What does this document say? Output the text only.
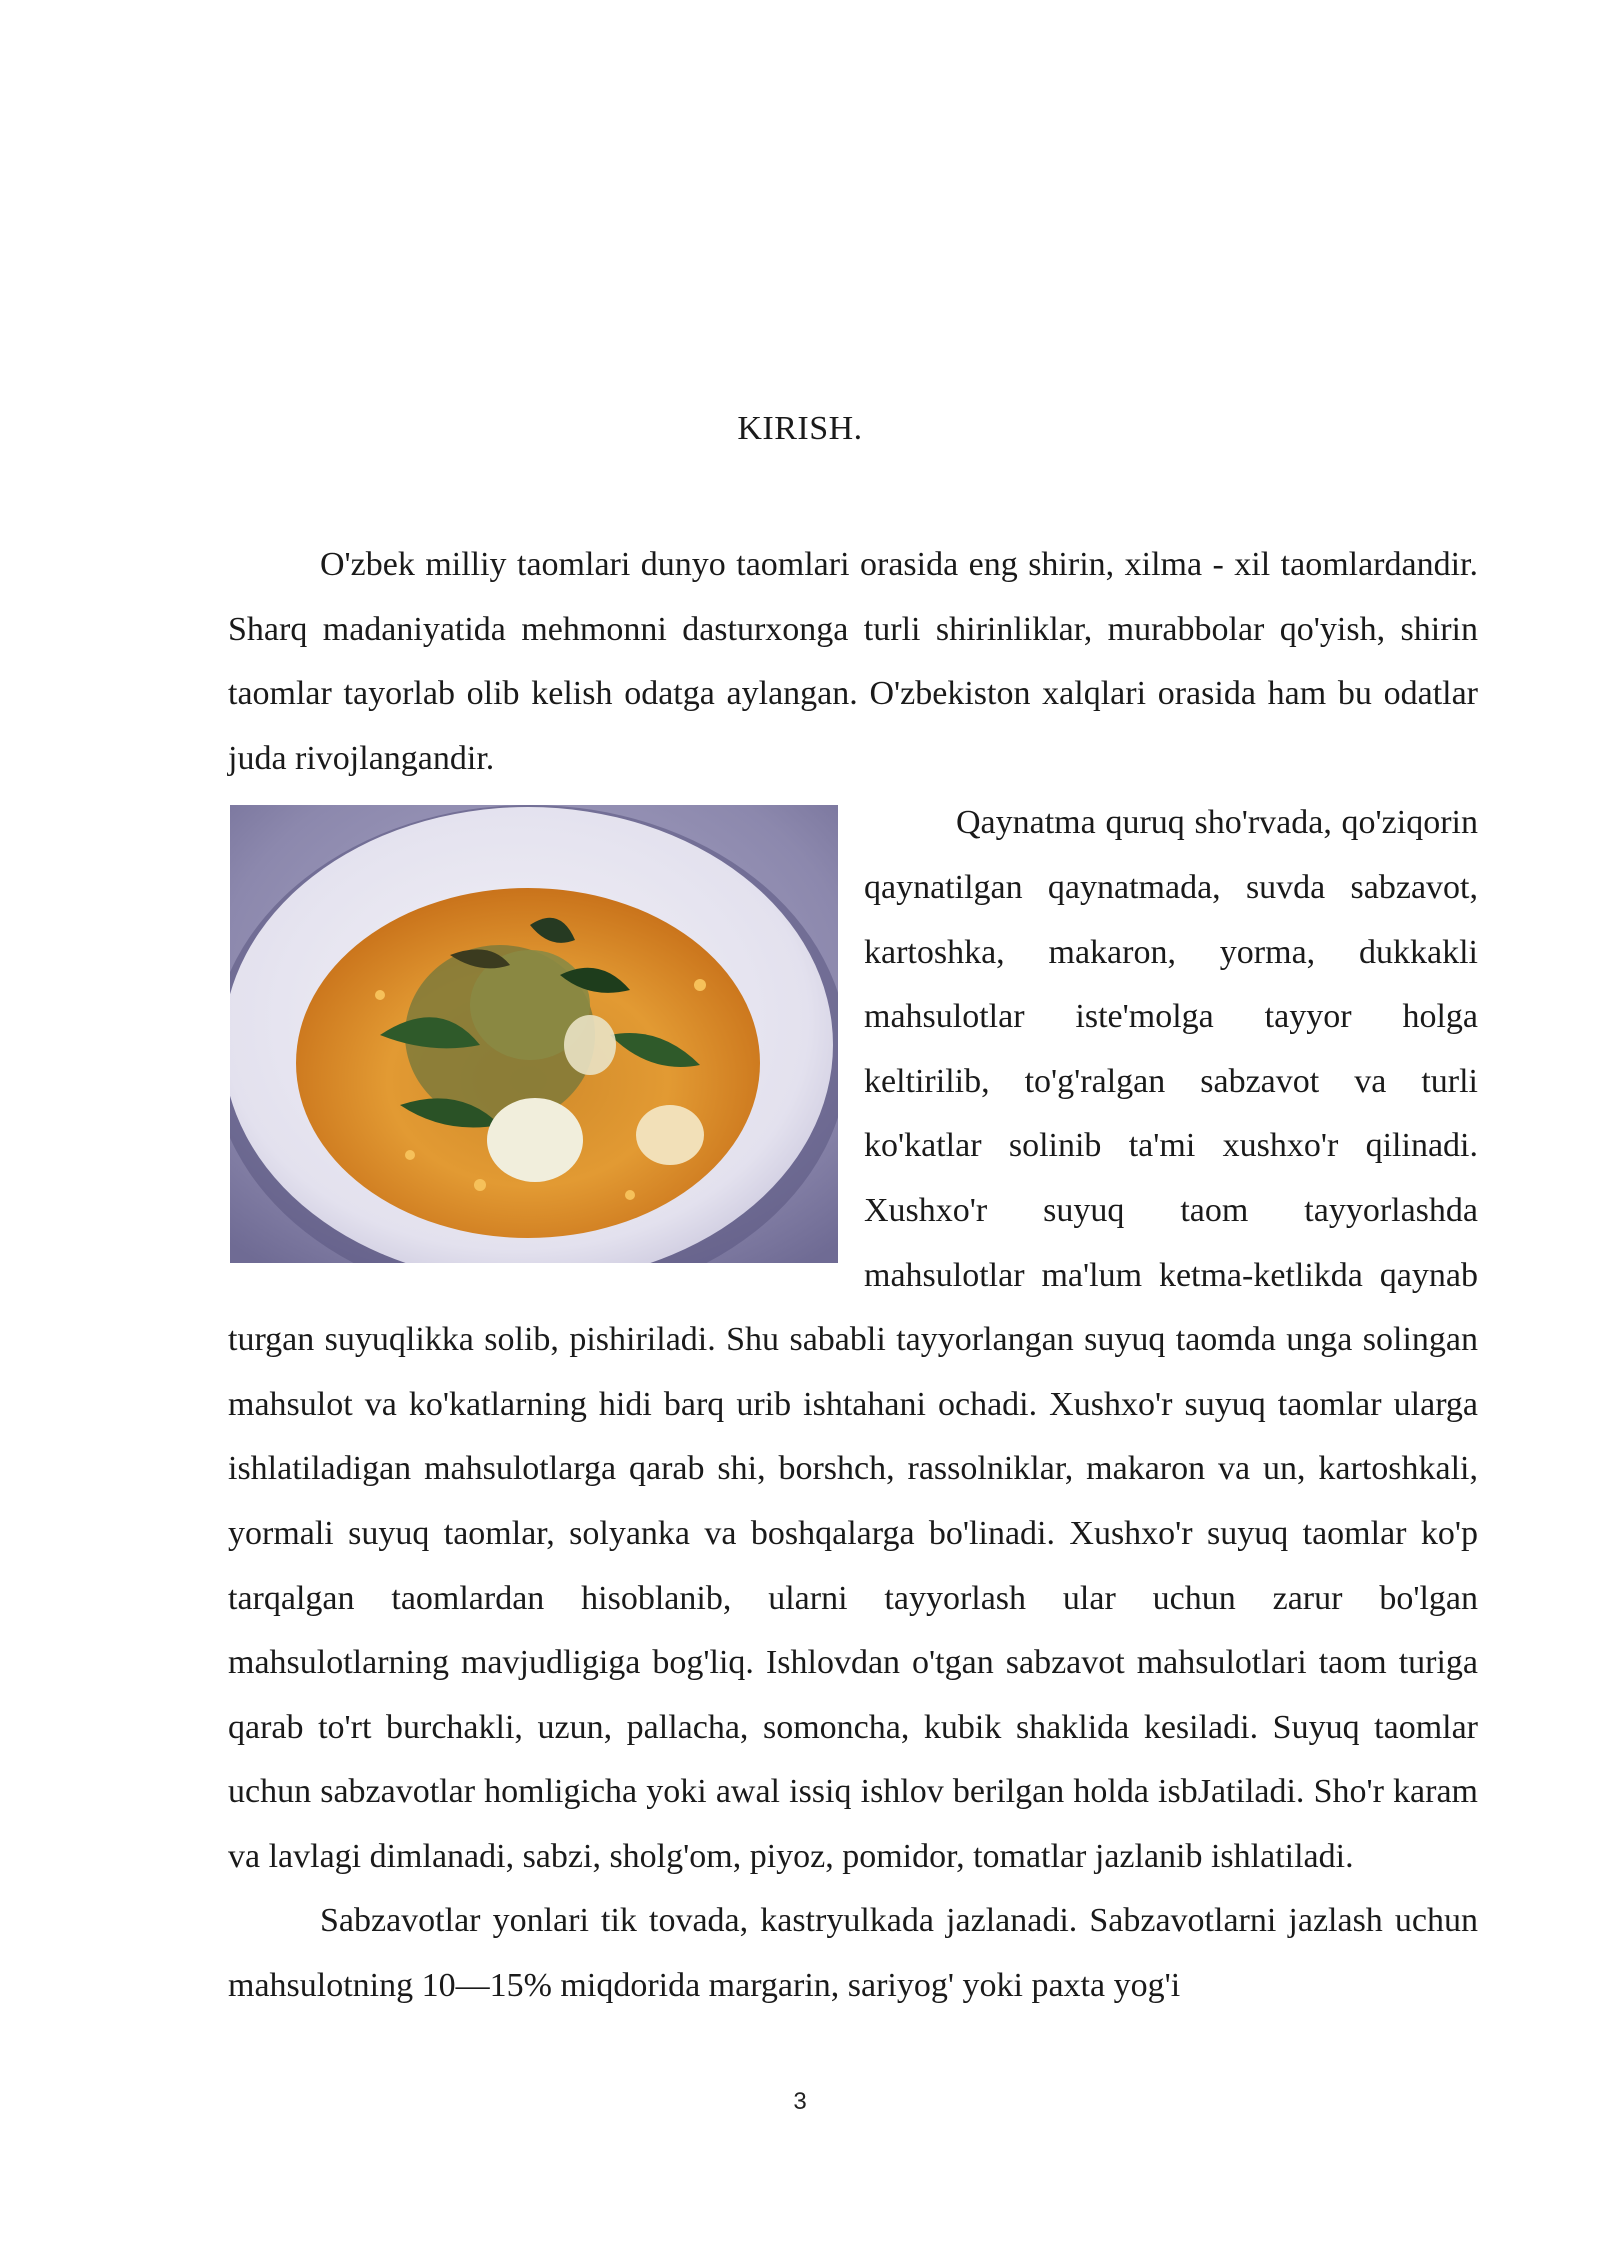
KIRISH.

O'zbek milliy taomlari dunyo taomlari orasida eng shirin, xilma - xil taomlardandir. Sharq madaniyatida mehmonni dasturxonga turli shirinliklar, murabbolar qo'yish, shirin taomlar tayorlab olib kelish odatga aylangan. O'zbekiston xalqlari orasida ham bu odatlar juda rivojlangandir.

Qaynatma quruq sho'rvada, qo'ziqorin qaynatilgan qaynatmada, suvda sabzavot, kartoshka, makaron, yorma, dukkakli mahsulotlar iste'molga tayyor holga keltirilib, to'g'ralgan sabzavot va turli ko'katlar solinib ta'mi xushxo'r qilinadi. Xushxo'r suyuq taom tayyorlashda mahsulotlar ma'lum ketma-ketlikda qaynab turgan suyuqlikka solib, pishiriladi. Shu sababli tayyorlangan suyuq taomda unga solingan mahsulot va ko'katlarning hidi barq urib ishtahani ochadi. Xushxo'r suyuq taomlar ularga ishlatiladigan mahsulotlarga qarab shi, borshch, rassolniklar, makaron va un, kartoshkali, yormali suyuq taomlar, solyanka va boshqalarga bo'linadi. Xushxo'r suyuq taomlar ko'p tarqalgan taomlardan hisoblanib, ularni tayyorlash ular uchun zarur bo'lgan mahsulotlarning mavjudligiga bog'liq. Ishlovdan o'tgan sabzavot mahsulotlari taom turiga qarab to'rt burchakli, uzun, pallacha, somoncha, kubik shaklida kesiladi. Suyuq taomlar uchun sabzavotlar homligicha yoki awal issiq ishlov berilgan holda isbJatiladi. Sho'r karam va lavlagi dimlanadi, sabzi, sholg'om, piyoz, pomidor, tomatlar jazlanib ishlatiladi.

Sabzavotlar yonlari tik tovada, kastryulkada jazlanadi. Sabzavotlarni jazlash uchun mahsulotning 10—15% miqdorida margarin, sariyog' yoki paxta yog'i

3
